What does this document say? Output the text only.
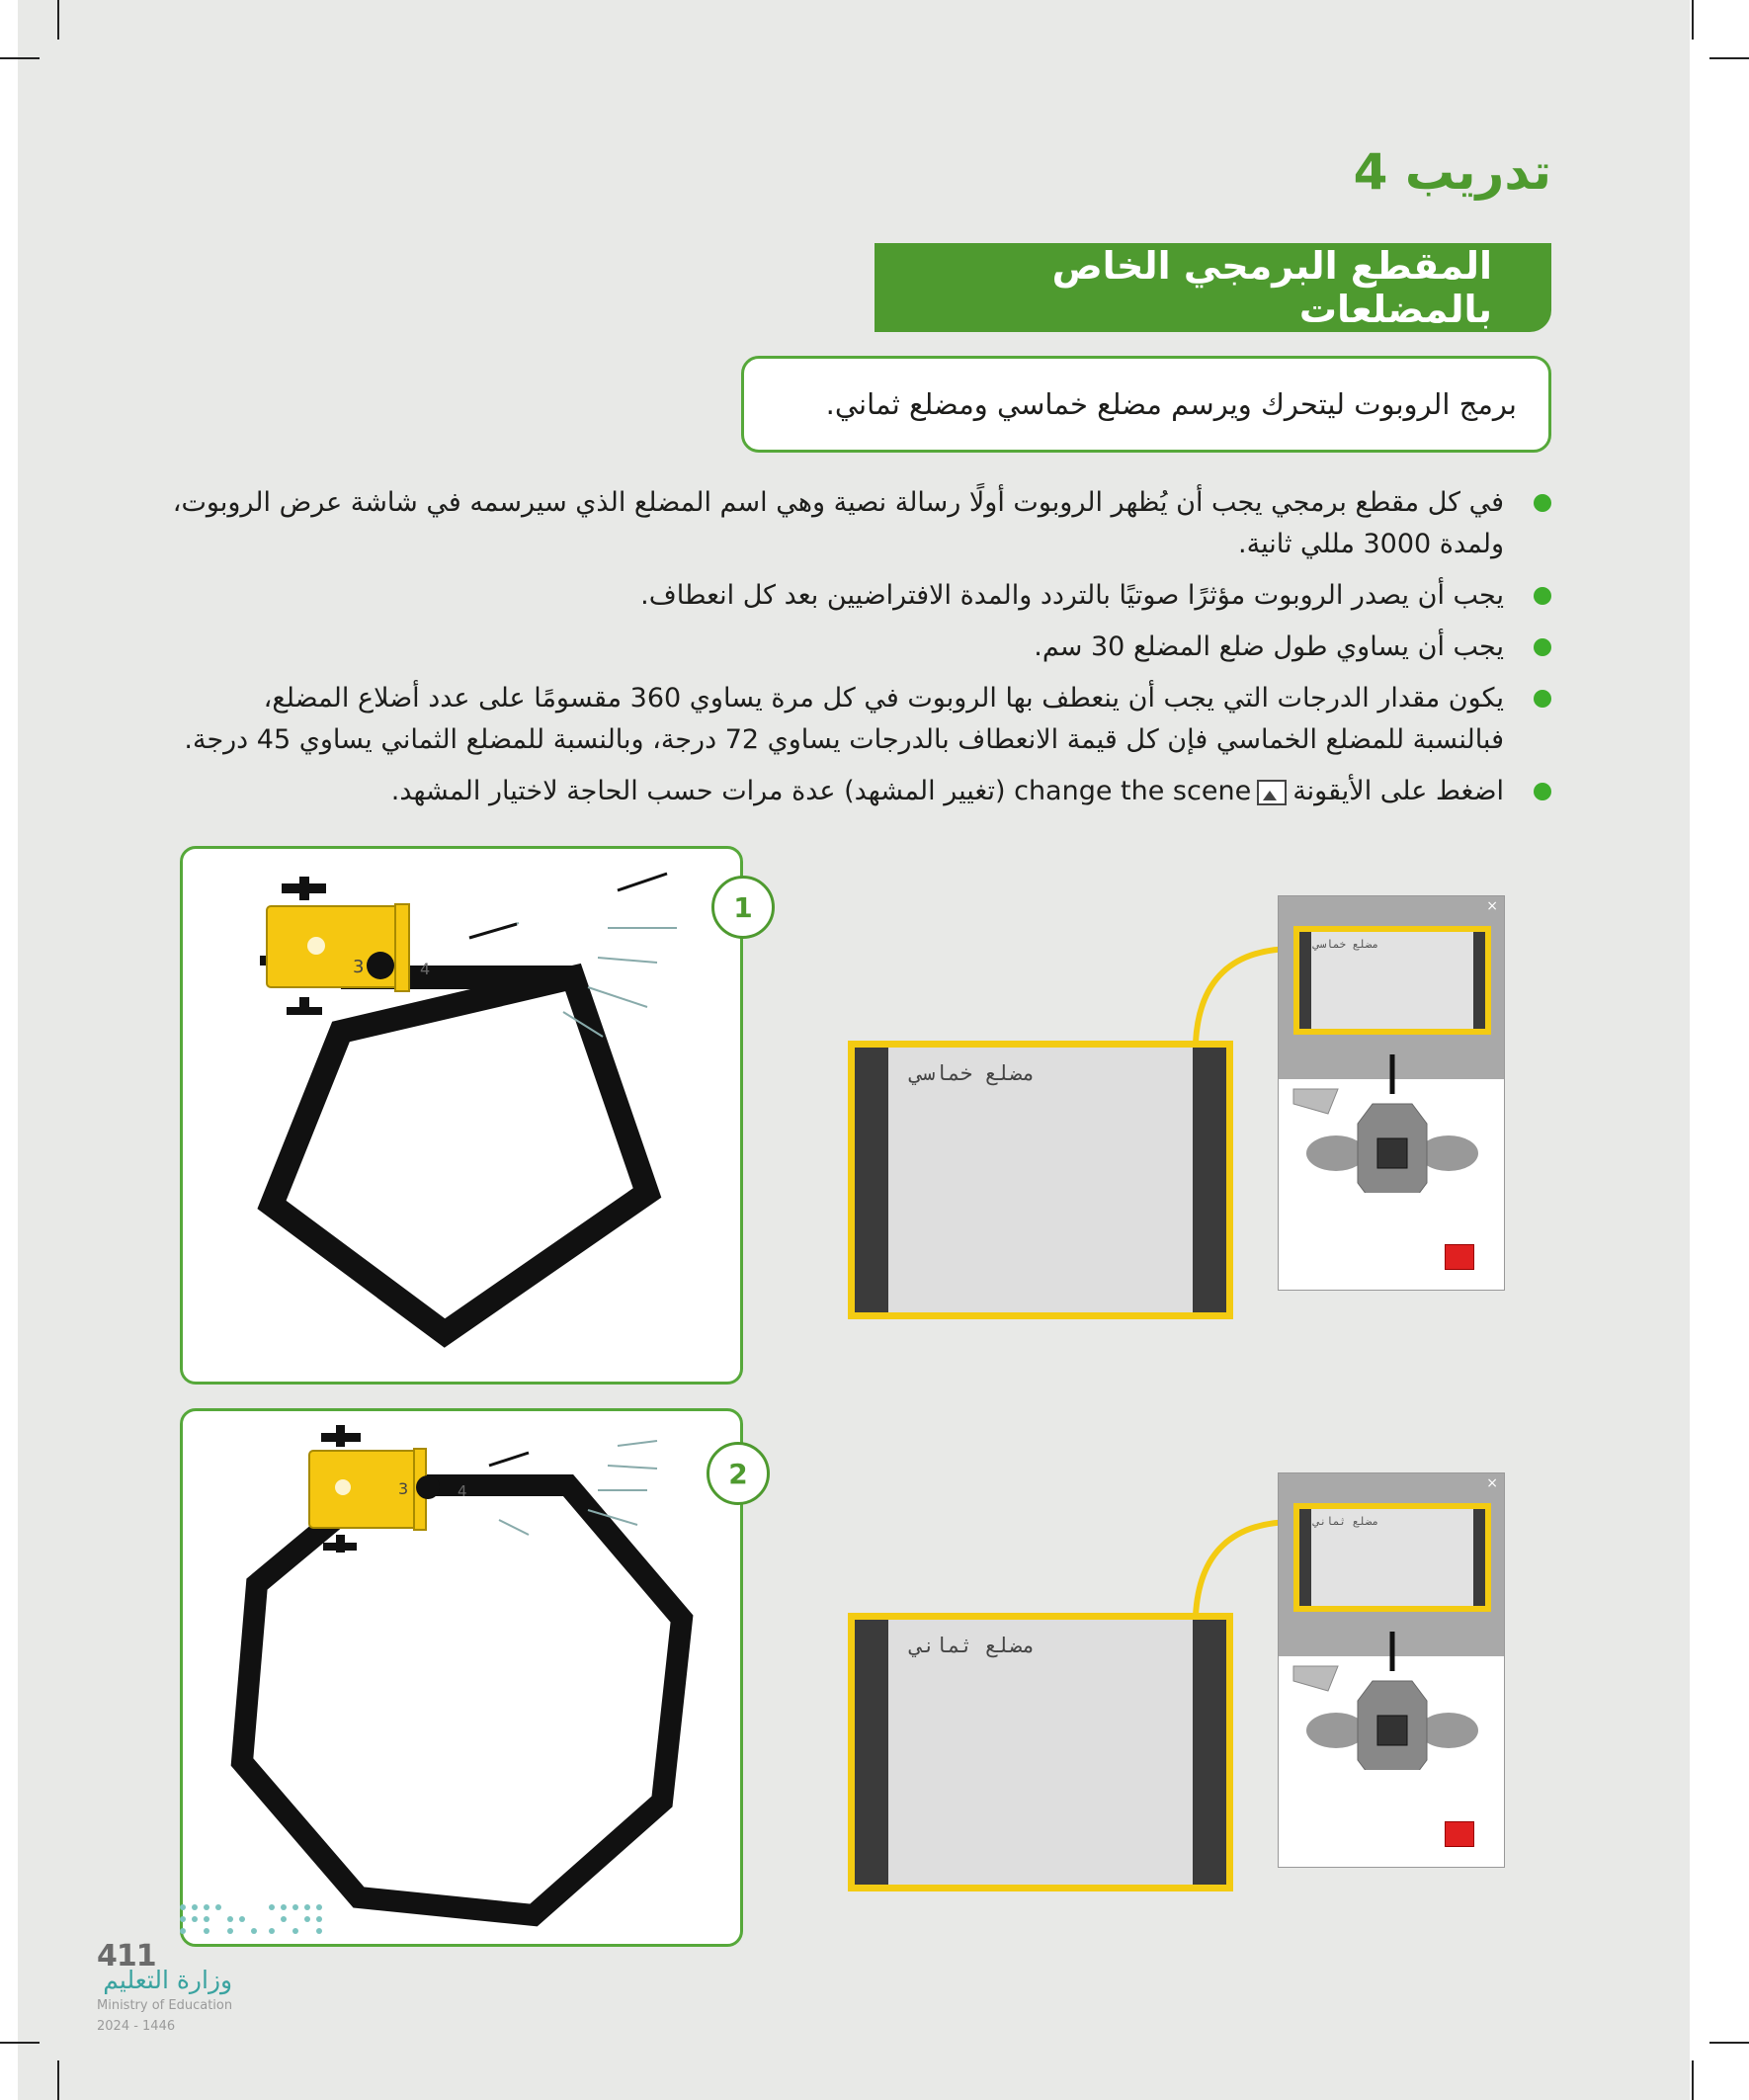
تدريب 4
المقطع البرمجي الخاص بالمضلعات
برمج الروبوت ليتحرك ويرسم مضلع خماسي ومضلع ثماني.
في كل مقطع برمجي يجب أن يُظهر الروبوت أولًا رسالة نصية وهي اسم المضلع الذي سيرسمه في شاشة عرض الروبوت، ولمدة 3000 مللي ثانية.
يجب أن يصدر الروبوت مؤثرًا صوتيًا بالتردد والمدة الافتراضيين بعد كل انعطاف.
يجب أن يساوي طول ضلع المضلع 30 سم.
يكون مقدار الدرجات التي يجب أن ينعطف بها الروبوت في كل مرة يساوي 360 مقسومًا على عدد أضلاع المضلع، فبالنسبة للمضلع الخماسي فإن كل قيمة الانعطاف بالدرجات يساوي 72 درجة، وبالنسبة للمضلع الثماني يساوي 45 درجة.
اضغط على الأيقونةchange the scene (تغيير المشهد) عدة مرات حسب الحاجة لاختيار المشهد.
3	4
1
مضلع خماسي
×
مضلع خماسي
3	4
2
مضلع ثماني
×
مضلع ثماني
411
وزارة التعليم
Ministry of Education
2024 - 1446
